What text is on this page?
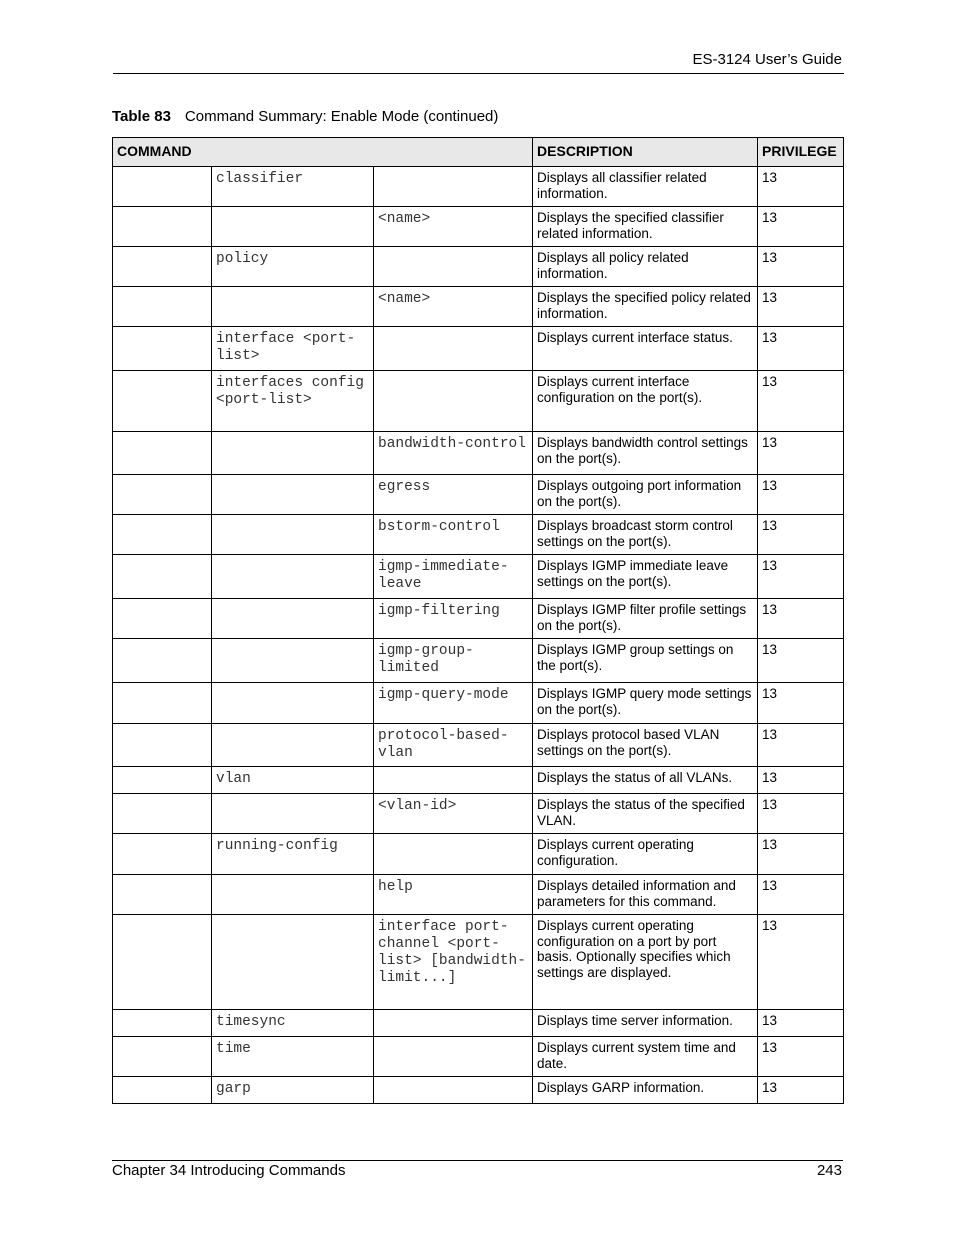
ES-3124 User’s Guide
Table 83 Command Summary: Enable Mode (continued)
COMMAND			DESCRIPTION	PRIVILEGE
	classifier		Displays all classifier related information.	13
		<name>	Displays the specified classifier related information.	13
	policy		Displays all policy related information.	13
		<name>	Displays the specified policy related information.	13
	interface <port-list>		Displays current interface status.	13
	interfaces config <port-list>		Displays current interface configuration on the port(s).	13
		bandwidth-control	Displays bandwidth control settings on the port(s).	13
		egress	Displays outgoing port information on the port(s).	13
		bstorm-control	Displays broadcast storm control settings on the port(s).	13
		igmp-immediate-leave	Displays IGMP immediate leave settings on the port(s).	13
		igmp-filtering	Displays IGMP filter profile settings on the port(s).	13
		igmp-group-limited	Displays IGMP group settings on the port(s).	13
		igmp-query-mode	Displays IGMP query mode settings on the port(s).	13
		protocol-based-vlan	Displays protocol based VLAN settings on the port(s).	13
	vlan		Displays the status of all VLANs.	13
		<vlan-id>	Displays the status of the specified VLAN.	13
	running-config		Displays current operating configuration.	13
		help	Displays detailed information and parameters for this command.	13
		interface port-channel <port-list> [bandwidth-limit...]	Displays current operating configuration on a port by port basis. Optionally specifies which settings are displayed.	13
	timesync		Displays time server information.	13
	time		Displays current system time and date.	13
	garp		Displays GARP information.	13
Chapter 34 Introducing Commands	243
